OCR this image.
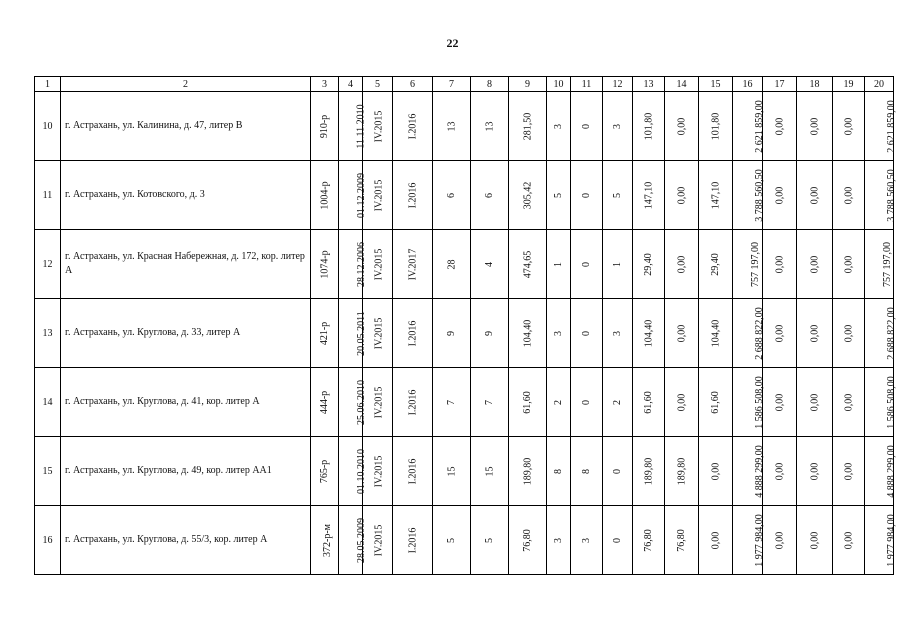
22
1	2	3	4	5	6	7	8	9	10	11	12	13	14	15	16	17	18	19	20
10	г. Астрахань, ул. Калинина, д. 47, литер В	910-р	11.11.2010	IV.2015	I.2016	13	13	281,50	3	0	3	101,80	0,00	101,80	2 621 859,00	0,00	0,00	0,00	2 621 859,00
11	г. Астрахань, ул. Котовского, д. 3	1004-р	01.12.2009	IV.2015	I.2016	6	6	305,42	5	0	5	147,10	0,00	147,10	3 788 560,50	0,00	0,00	0,00	3 788 560,50
12	г. Астрахань, ул. Красная Набережная, д. 172, кор. литер А	1074-р	28.12.2006	IV.2015	IV.2017	28	4	474,65	1	0	1	29,40	0,00	29,40	757 197,00	0,00	0,00	0,00	757 197,00
13	г. Астрахань, ул. Круглова, д. 33, литер А	421-р	20.05.2011	IV.2015	I.2016	9	9	104,40	3	0	3	104,40	0,00	104,40	2 688 822,00	0,00	0,00	0,00	2 688 822,00
14	г. Астрахань, ул. Круглова, д. 41, кор. литер А	444-р	25.06.2010	IV.2015	I.2016	7	7	61,60	2	0	2	61,60	0,00	61,60	1 586 508,00	0,00	0,00	0,00	1 586 508,00
15	г. Астрахань, ул. Круглова, д. 49, кор. литер АА1	765-р	01.10.2010	IV.2015	I.2016	15	15	189,80	8	8	0	189,80	189,80	0,00	4 888 299,00	0,00	0,00	0,00	4 888 299,00
16	г. Астрахань, ул. Круглова, д. 55/3, кор. литер А	372-р-м	28.05.2009	IV.2015	I.2016	5	5	76,80	3	3	0	76,80	76,80	0,00	1 977 984,00	0,00	0,00	0,00	1 977 984,00
